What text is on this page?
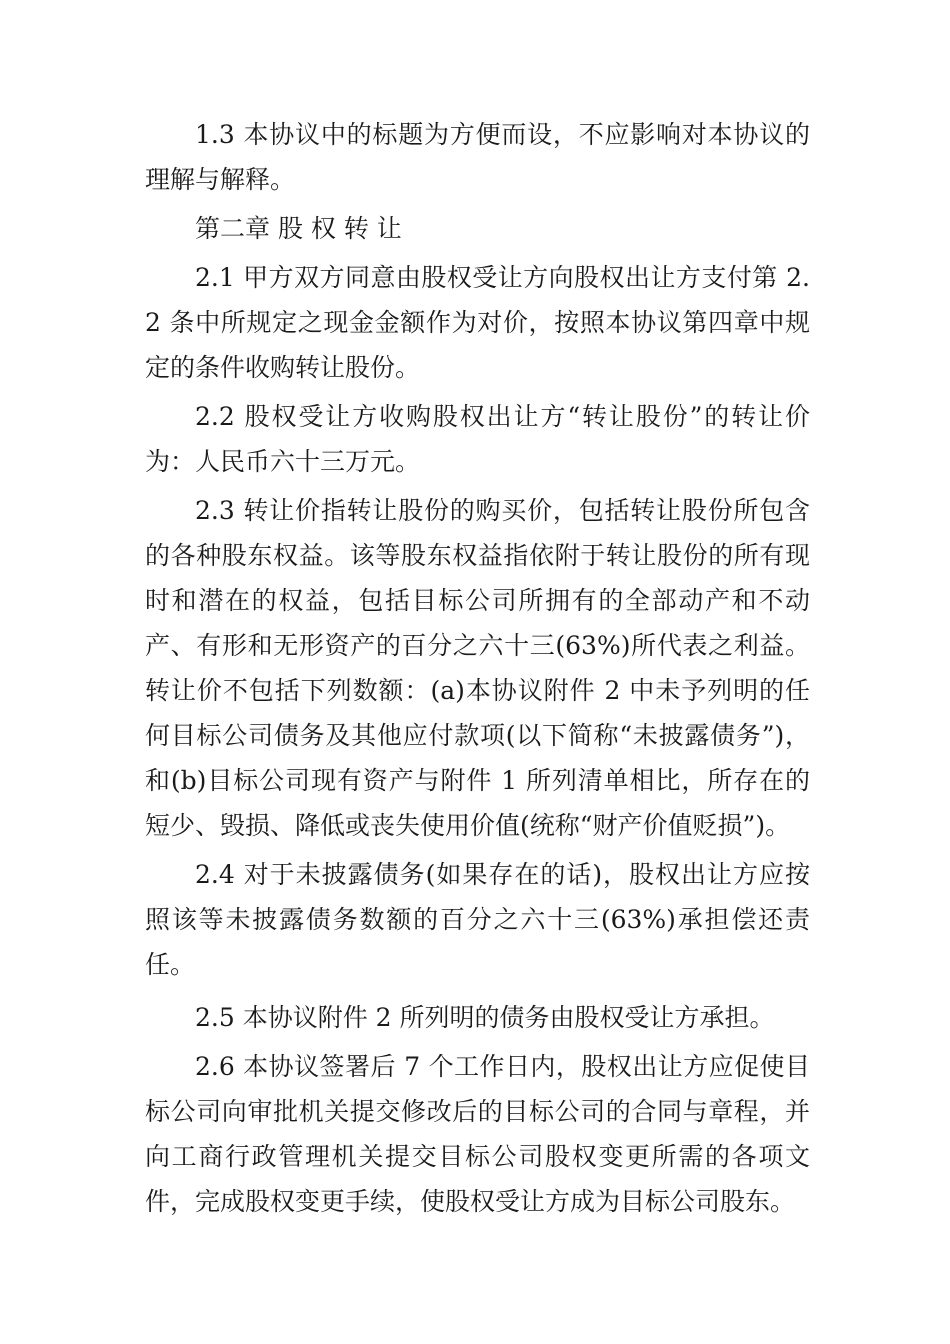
1.3 本协议中的标题为方便而设，不应影响对本协议的理解与解释。

第二章 股 权 转 让

2.1 甲方双方同意由股权受让方向股权出让方支付第 2.2 条中所规定之现金金额作为对价，按照本协议第四章中规定的条件收购转让股份。

2.2 股权受让方收购股权出让方“转让股份”的转让价为：人民币六十三万元。

2.3 转让价指转让股份的购买价，包括转让股份所包含的各种股东权益。该等股东权益指依附于转让股份的所有现时和潜在的权益，包括目标公司所拥有的全部动产和不动产、有形和无形资产的百分之六十三(63%)所代表之利益。转让价不包括下列数额：(a)本协议附件 2 中未予列明的任何目标公司债务及其他应付款项(以下简称“未披露债务”)，和(b)目标公司现有资产与附件 1 所列清单相比，所存在的短少、毁损、降低或丧失使用价值(统称“财产价值贬损”)。

2.4 对于未披露债务(如果存在的话)，股权出让方应按照该等未披露债务数额的百分之六十三(63%)承担偿还责任。

2.5 本协议附件 2 所列明的债务由股权受让方承担。

2.6 本协议签署后 7 个工作日内，股权出让方应促使目标公司向审批机关提交修改后的目标公司的合同与章程，并向工商行政管理机关提交目标公司股权变更所需的各项文件，完成股权变更手续，使股权受让方成为目标公司股东。
